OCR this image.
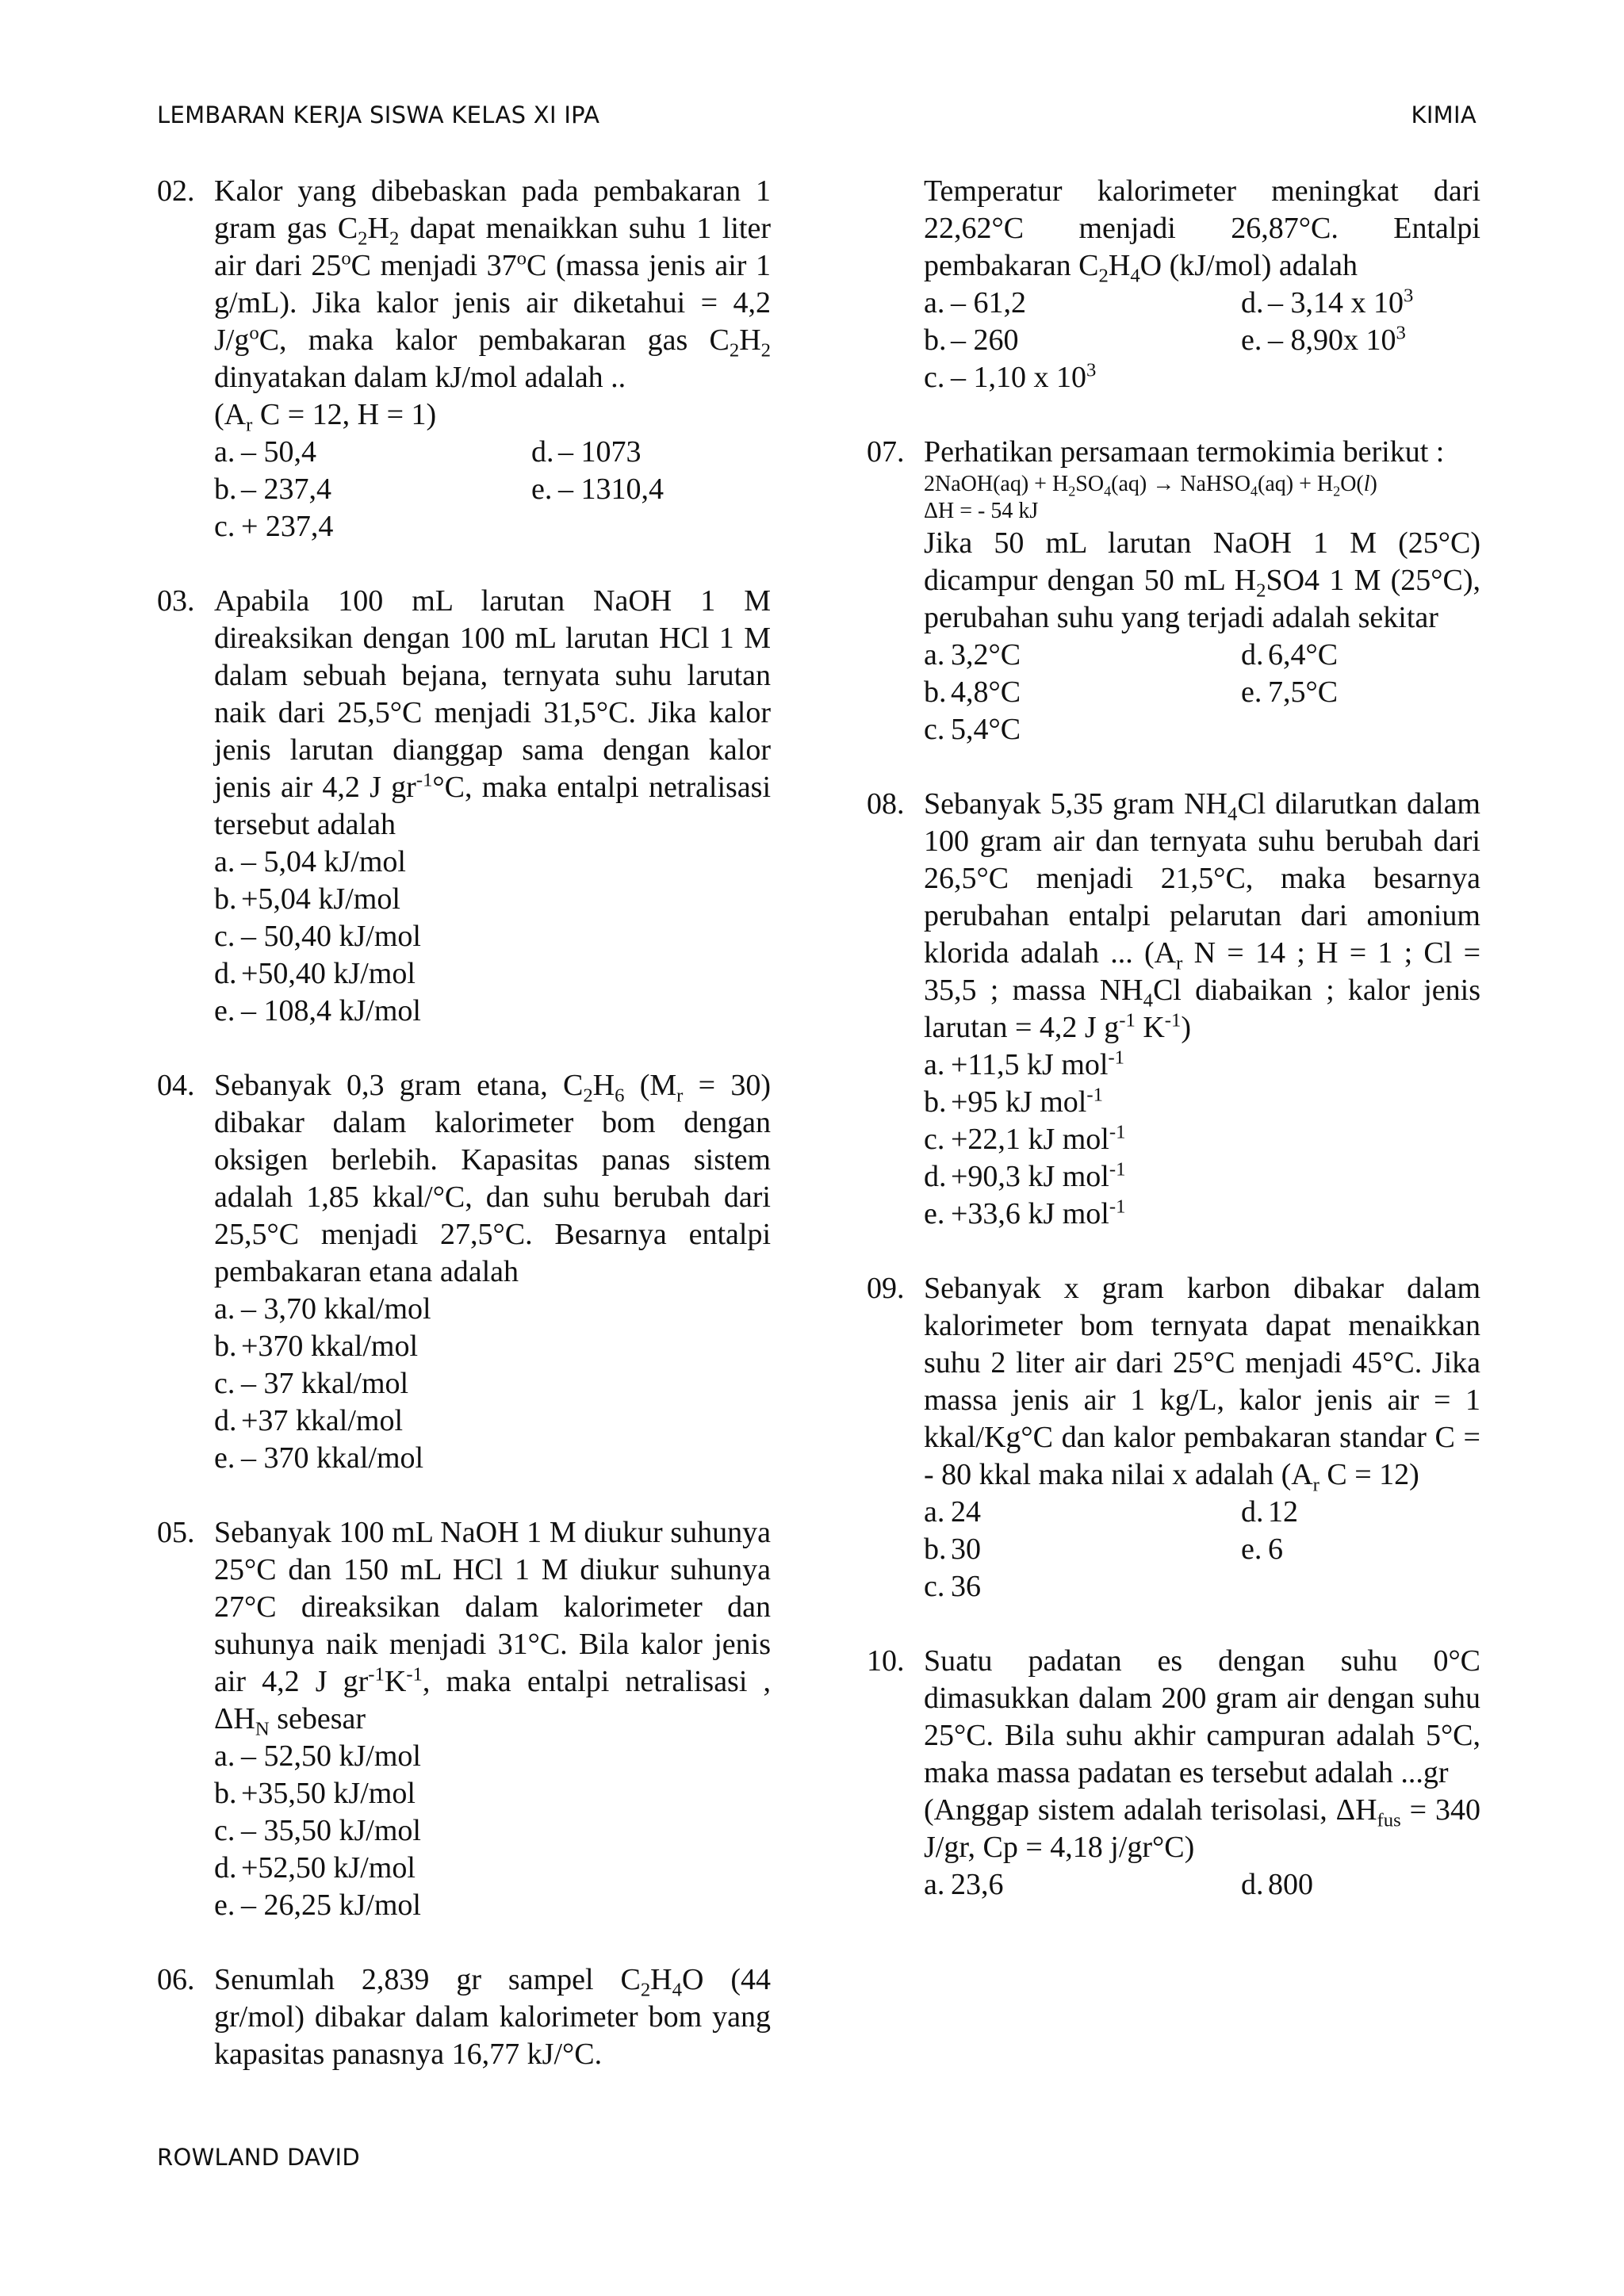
LEMBARAN KERJA SISWA KELAS XI IPA	KIMIA
02. Kalor yang dibebaskan pada pembakaran 1 gram gas $C_2H_2$ dapat menaikkan suhu 1 liter air dari 25$^o$C menjadi 37$^o$C (massa jenis air 1 g/mL). Jika kalor jenis air diketahui = 4,2 $J/g^oC$, maka kalor pembakaran gas $C_2H_2$ dinyatakan dalam kJ/mol adalah ..
($A_r$ C = 12, H = 1)
a. – 50,4	d. – 1073
b. – 237,4	e. – 1310,4
c. + 237,4
03. Apabila 100 mL larutan NaOH 1 M direaksikan dengan 100 mL larutan HCl 1 M dalam sebuah bejana, ternyata suhu larutan naik dari 25,5°C menjadi 31,5°C. Jika kalor jenis larutan dianggap sama dengan kalor jenis air 4,2 J $gr^{-1}^\circ C$, maka entalpi netralisasi tersebut adalah
a. – 5,04 kJ/mol
b. +5,04 kJ/mol
c. – 50,40 kJ/mol
d. +50,40 kJ/mol
e. – 108,4 kJ/mol
04. Sebanyak 0,3 gram etana, $C_2H_6$ $(M_r = 30)$ dibakar dalam kalorimeter bom dengan oksigen berlebih. Kapasitas panas sistem adalah 1,85 kkal/°C, dan suhu berubah dari 25,5°C menjadi 27,5°C. Besarnya entalpi pembakaran etana adalah
a. – 3,70 kkal/mol
b. +370 kkal/mol
c. – 37 kkal/mol
d. +37 kkal/mol
e. – 370 kkal/mol
05. Sebanyak 100 mL NaOH 1 M diukur suhunya 25°C dan 150 mL HCl 1 M diukur suhunya 27°C direaksikan dalam kalorimeter dan suhunya naik menjadi 31°C. Bila kalor jenis air 4,2 J $gr^{-1}K^{-1}$, maka entalpi netralisasi , $\Delta H_N$ sebesar
a. – 52,50 kJ/mol
b. +35,50 kJ/mol
c. – 35,50 kJ/mol
d. +52,50 kJ/mol
e. – 26,25 kJ/mol
06. Senumlah 2,839 gr sampel $C_2H_4O$ (44 gr/mol) dibakar dalam kalorimeter bom yang kapasitas panasnya 16,77 kJ/°C.
Temperatur kalorimeter meningkat dari 22,62°C menjadi 26,87°C. Entalpi pembakaran $C_2H_4O$ (kJ/mol) adalah
a. – 61,2	d. – 3,14 x $10^3$
b. – 260	e. – 8,90x $10^3$
c. – 1,10 x $10^3$
07. Perhatikan persamaan termokimia berikut :
2NaOH(aq) + $H_2SO_4(aq)$ → NaHSO$_4$(aq) + $H_2O(l)$
ΔH = - 54 kJ
Jika 50 mL larutan NaOH 1 M (25°C) dicampur dengan 50 mL $H_2SO4$ 1 M (25°C), perubahan suhu yang terjadi adalah sekitar
a. 3,2°C	d. 6,4°C
b. 4,8°C	e. 7,5°C
c. 5,4°C
08. Sebanyak 5,35 gram $NH_4Cl$ dilarutkan dalam 100 gram air dan ternyata suhu berubah dari 26,5°C menjadi 21,5°C, maka besarnya perubahan entalpi pelarutan dari amonium klorida adalah ... ($A_r$ N = 14 ; H = 1 ; Cl = 35,5 ; massa $NH_4Cl$ diabaikan ; kalor jenis larutan = 4,2 J $g^{-1}$ $K^{-1}$)
a. +11,5 kJ mol$^{-1}$
b. +95 kJ mol$^{-1}$
c. +22,1 kJ mol$^{-1}$
d. +90,3 kJ mol$^{-1}$
e. +33,6 kJ mol$^{-1}$
09. Sebanyak x gram karbon dibakar dalam kalorimeter bom ternyata dapat menaikkan suhu 2 liter air dari 25°C menjadi 45°C. Jika massa jenis air 1 kg/L, kalor jenis air = 1 kkal/Kg°C dan kalor pembakaran standar C = - 80 kkal maka nilai x adalah ($A_r$ C = 12)
a. 24	d. 12
b. 30	e. 6
c. 36
10. Suatu padatan es dengan suhu 0°C dimasukkan dalam 200 gram air dengan suhu 25°C. Bila suhu akhir campuran adalah 5°C, maka massa padatan es tersebut adalah ...gr
(Anggap sistem adalah terisolasi, $\Delta H_{fus} = 340$ J/gr, Cp = 4,18 j/gr°C)
a. 23,6	d. 800
ROWLAND DAVID
